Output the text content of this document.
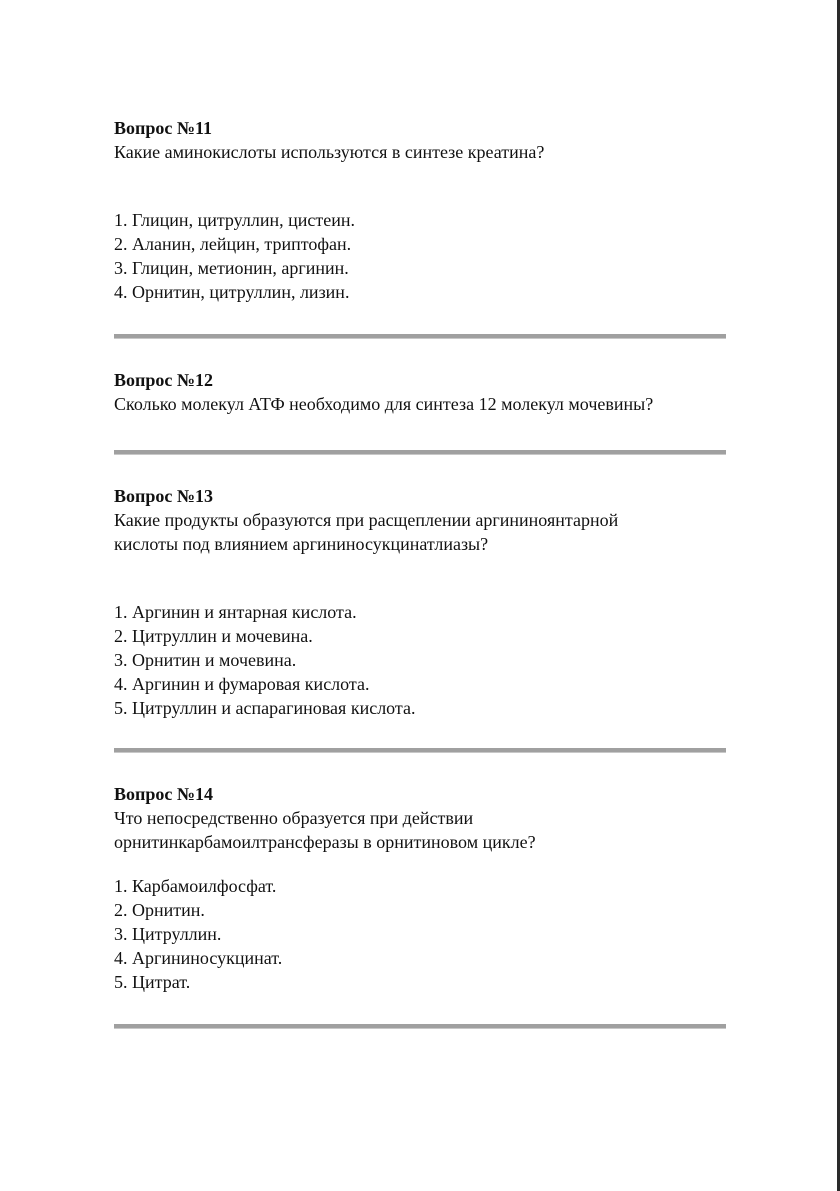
Вопрос №11

Какие аминокислоты используются в синтезе креатина?

1. Глицин, цитруллин, цистеин.
2. Аланин, лейцин, триптофан.
3. Глицин, метионин, аргинин.
4. Орнитин, цитруллин, лизин.

Вопрос №12

Сколько молекул АТФ необходимо для синтеза 12 молекул мочевины?

Вопрос №13

Какие продукты образуются при расщеплении аргининоянтарной

кислоты под влиянием аргининосукцинатлиазы?

1. Аргинин и янтарная кислота.
2. Цитруллин и мочевина.
3. Орнитин и мочевина.
4. Аргинин и фумаровая кислота.
5. Цитруллин и аспарагиновая кислота.

Вопрос №14

Что непосредственно образуется при действии

орнитинкарбамоилтрансферазы в орнитиновом цикле?

1. Карбамоилфосфат.
2. Орнитин.
3. Цитруллин.
4. Аргининосукцинат.
5. Цитрат.
